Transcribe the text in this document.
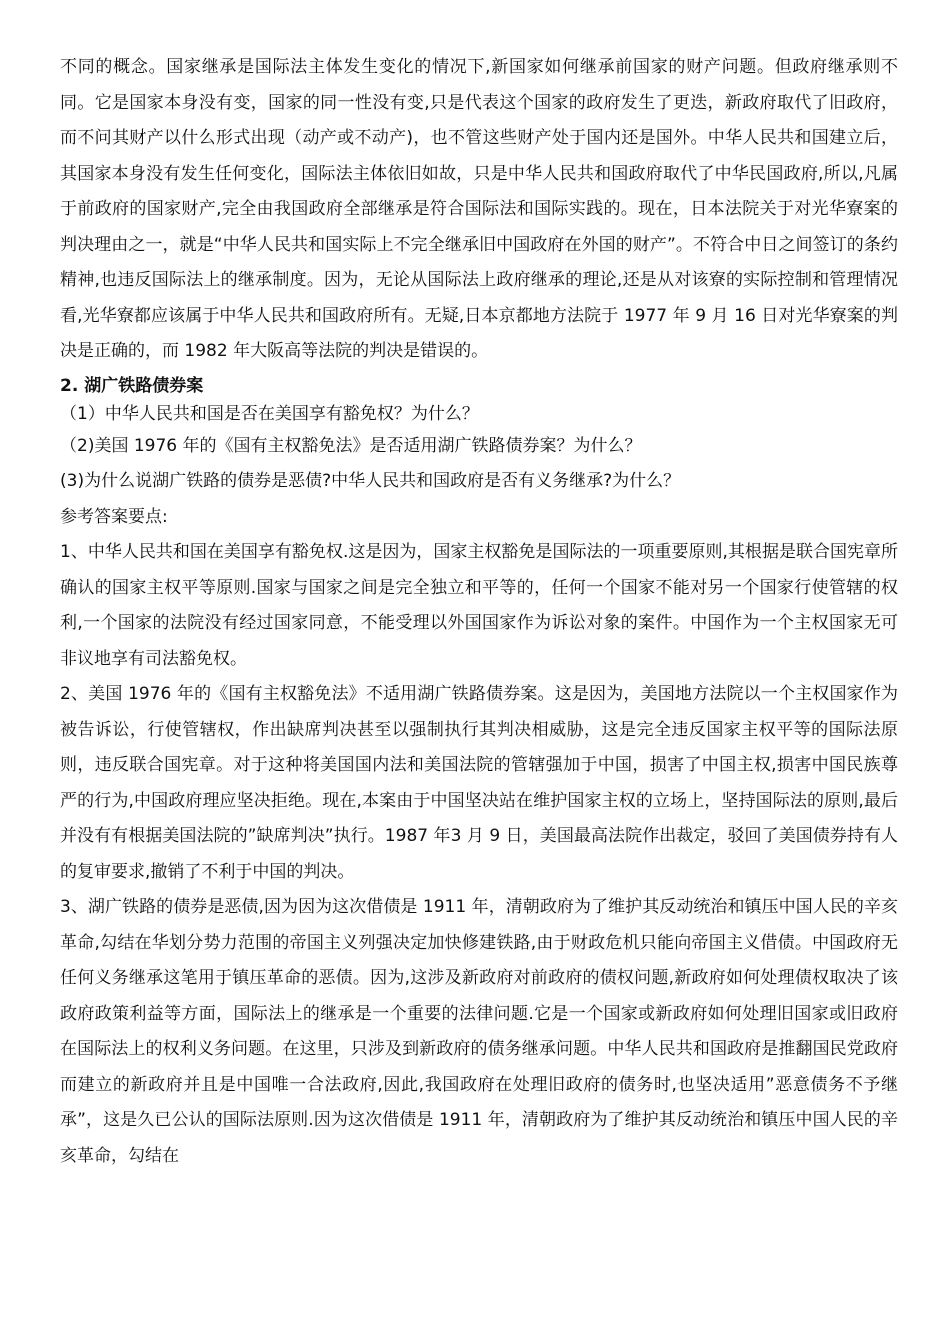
不同的概念。国家继承是国际法主体发生变化的情况下,新国家如何继承前国家的财产问题。但政府继承则不同。它是国家本身没有变，国家的同一性没有变,只是代表这个国家的政府发生了更迭，新政府取代了旧政府，而不问其财产以什么形式出现（动产或不动产)，也不管这些财产处于国内还是国外。中华人民共和国建立后，其国家本身没有发生任何变化，国际法主体依旧如故，只是中华人民共和国政府取代了中华民国政府,所以,凡属于前政府的国家财产,完全由我国政府全部继承是符合国际法和国际实践的。现在，日本法院关于对光华寮案的判决理由之一，就是“中华人民共和国实际上不完全继承旧中国政府在外国的财产”。不符合中日之间签订的条约精神,也违反国际法上的继承制度。因为，无论从国际法上政府继承的理论,还是从对该寮的实际控制和管理情况看,光华寮都应该属于中华人民共和国政府所有。无疑,日本京都地方法院于 1977 年 9 月 16 日对光华寮案的判决是正确的，而 1982 年大阪高等法院的判决是错误的。

2. 湖广铁路债券案
（1）中华人民共和国是否在美国享有豁免权？为什么？
（2)美国 1976 年的《国有主权豁免法》是否适用湖广铁路债券案？为什么？
(3)为什么说湖广铁路的债券是恶债?中华人民共和国政府是否有义务继承?为什么？
参考答案要点:

1、中华人民共和国在美国享有豁免权.这是因为，国家主权豁免是国际法的一项重要原则,其根据是联合国宪章所确认的国家主权平等原则.国家与国家之间是完全独立和平等的，任何一个国家不能对另一个国家行使管辖的权利,一个国家的法院没有经过国家同意，不能受理以外国国家作为诉讼对象的案件。中国作为一个主权国家无可非议地享有司法豁免权。

2、美国 1976 年的《国有主权豁免法》不适用湖广铁路债券案。这是因为，美国地方法院以一个主权国家作为被告诉讼，行使管辖权，作出缺席判决甚至以强制执行其判决相威胁，这是完全违反国家主权平等的国际法原则，违反联合国宪章。对于这种将美国国内法和美国法院的管辖强加于中国，损害了中国主权,损害中国民族尊严的行为,中国政府理应坚决拒绝。现在,本案由于中国坚决站在维护国家主权的立场上，坚持国际法的原则,最后并没有有根据美国法院的”缺席判决”执行。1987 年3 月 9 日，美国最高法院作出裁定，驳回了美国债券持有人的复审要求,撤销了不利于中国的判决。

3、湖广铁路的债券是恶债,因为因为这次借债是 1911 年，清朝政府为了维护其反动统治和镇压中国人民的辛亥革命,勾结在华划分势力范围的帝国主义列强决定加快修建铁路,由于财政危机只能向帝国主义借债。中国政府无任何义务继承这笔用于镇压革命的恶债。因为,这涉及新政府对前政府的债权问题,新政府如何处理债权取决了该政府政策利益等方面，国际法上的继承是一个重要的法律问题.它是一个国家或新政府如何处理旧国家或旧政府在国际法上的权利义务问题。在这里，只涉及到新政府的债务继承问题。中华人民共和国政府是推翻国民党政府而建立的新政府并且是中国唯一合法政府,因此,我国政府在处理旧政府的债务时,也坚决适用”恶意债务不予继承”，这是久已公认的国际法原则.因为这次借债是 1911 年，清朝政府为了维护其反动统治和镇压中国人民的辛亥革命，勾结在
